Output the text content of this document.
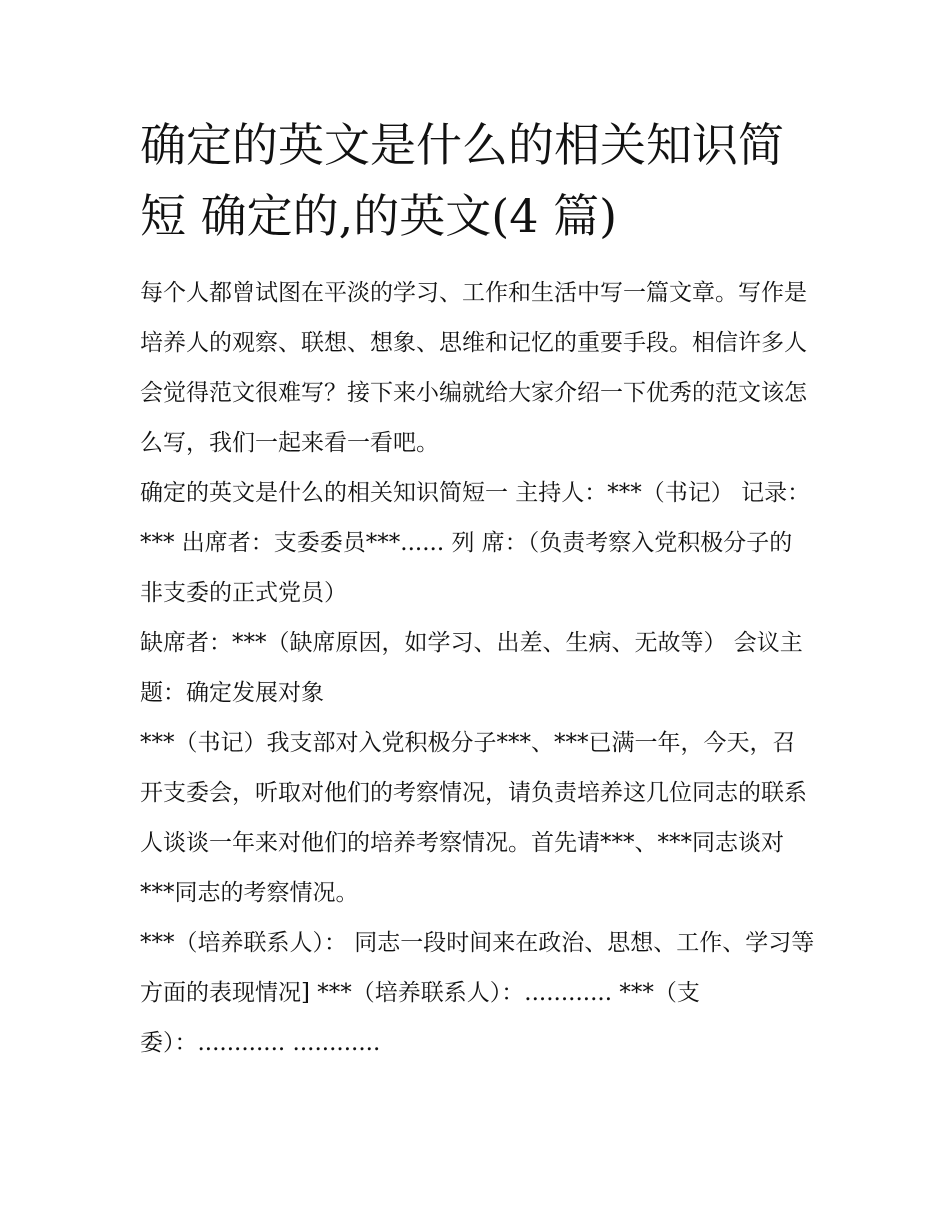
确定的英文是什么的相关知识简短 确定的,的英文(4 篇)

每个人都曾试图在平淡的学习、工作和生活中写一篇文章。写作是培养人的观察、联想、想象、思维和记忆的重要手段。相信许多人会觉得范文很难写？接下来小编就给大家介绍一下优秀的范文该怎么写，我们一起来看一看吧。

确定的英文是什么的相关知识简短一 主持人：***（书记） 记录：*** 出席者：支委委员***...... 列 席：（负责考察入党积极分子的非支委的正式党员）

缺席者：***（缺席原因，如学习、出差、生病、无故等） 会议主题：确定发展对象

***（书记）我支部对入党积极分子***、***已满一年，今天，召开支委会，听取对他们的考察情况，请负责培养这几位同志的联系人谈谈一年来对他们的培养考察情况。首先请***、***同志谈对***同志的考察情况。

***（培养联系人）： 同志一段时间来在政治、思想、工作、学习等方面的表现情况] ***（培养联系人）：............ ***（支委）：............ ............
